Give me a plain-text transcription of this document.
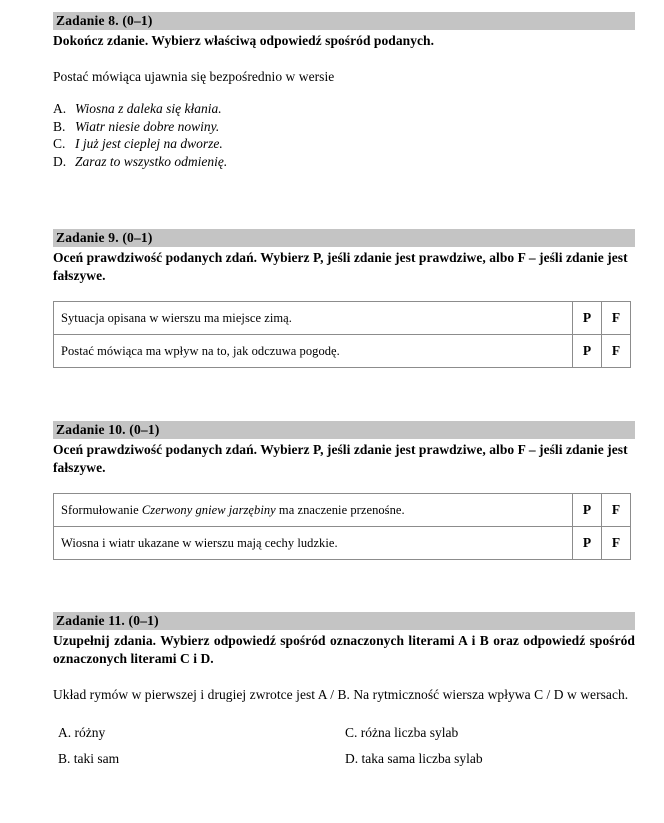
Zadanie 8. (0–1)
Dokończ zdanie. Wybierz właściwą odpowiedź spośród podanych.
Postać mówiąca ujawnia się bezpośrednio w wersie
A. Wiosna z daleka się kłania.
B. Wiatr niesie dobre nowiny.
C. I już jest cieplej na dworze.
D. Zaraz to wszystko odmienię.
Zadanie 9. (0–1)
Oceń prawdziwość podanych zdań. Wybierz P, jeśli zdanie jest prawdziwe, albo F – jeśli zdanie jest fałszywe.
Sytuacja opisana w wierszu ma miejsce zimą.	P	F
Postać mówiąca ma wpływ na to, jak odczuwa pogodę.	P	F
Zadanie 10. (0–1)
Oceń prawdziwość podanych zdań. Wybierz P, jeśli zdanie jest prawdziwe, albo F – jeśli zdanie jest fałszywe.
Sformułowanie Czerwony gniew jarzębiny ma znaczenie przenośne.	P	F
Wiosna i wiatr ukazane w wierszu mają cechy ludzkie.	P	F
Zadanie 11. (0–1)
Uzupełnij zdania. Wybierz odpowiedź spośród oznaczonych literami A i B oraz odpowiedź spośród oznaczonych literami C i D.
Układ rymów w pierwszej i drugiej zwrotce jest A / B. Na rytmiczność wiersza wpływa C / D w wersach.
A. różny
B. taki sam
C. różna liczba sylab
D. taka sama liczba sylab
